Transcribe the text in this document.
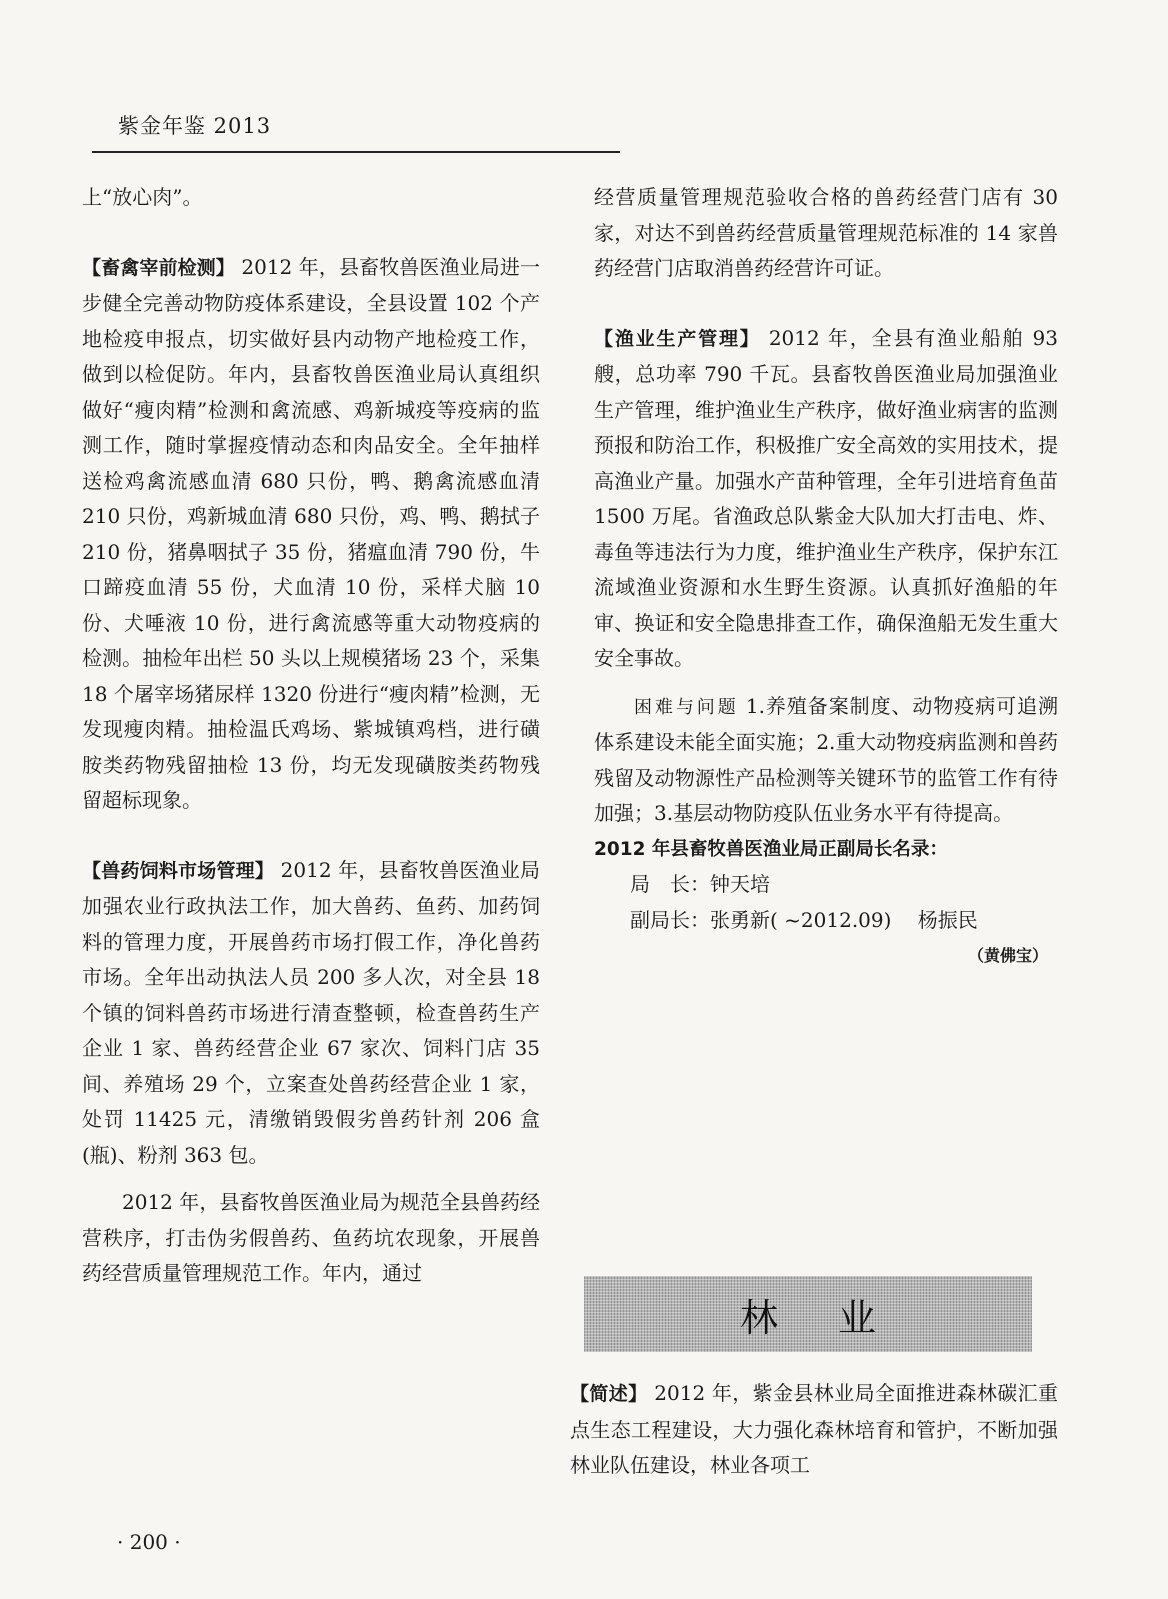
紫金年鉴 2013

上“放心肉”。

【畜禽宰前检测】 2012 年，县畜牧兽医渔业局进一步健全完善动物防疫体系建设，全县设置 102 个产地检疫申报点，切实做好县内动物产地检疫工作，做到以检促防。年内，县畜牧兽医渔业局认真组织做好“瘦肉精”检测和禽流感、鸡新城疫等疫病的监测工作，随时掌握疫情动态和肉品安全。全年抽样送检鸡禽流感血清 680 只份，鸭、鹅禽流感血清 210 只份，鸡新城血清 680 只份，鸡、鸭、鹅拭子 210 份，猪鼻咽拭子 35 份，猪瘟血清 790 份，牛口蹄疫血清 55 份，犬血清 10 份，采样犬脑 10 份、犬唾液 10 份，进行禽流感等重大动物疫病的检测。抽检年出栏 50 头以上规模猪场 23 个，采集 18 个屠宰场猪尿样 1320 份进行“瘦肉精”检测，无发现瘦肉精。抽检温氏鸡场、紫城镇鸡档，进行磺胺类药物残留抽检 13 份，均无发现磺胺类药物残留超标现象。

【兽药饲料市场管理】 2012 年，县畜牧兽医渔业局加强农业行政执法工作，加大兽药、鱼药、加药饲料的管理力度，开展兽药市场打假工作，净化兽药市场。全年出动执法人员 200 多人次，对全县 18 个镇的饲料兽药市场进行清查整顿，检查兽药生产企业 1 家、兽药经营企业 67 家次、饲料门店 35 间、养殖场 29 个，立案查处兽药经营企业 1 家，处罚 11425 元，清缴销毁假劣兽药针剂 206 盒(瓶)、粉剂 363 包。

2012 年，县畜牧兽医渔业局为规范全县兽药经营秩序，打击伪劣假兽药、鱼药坑农现象，开展兽药经营质量管理规范工作。年内，通过

经营质量管理规范验收合格的兽药经营门店有 30 家，对达不到兽药经营质量管理规范标准的 14 家兽药经营门店取消兽药经营许可证。

【渔业生产管理】 2012 年，全县有渔业船舶 93 艘，总功率 790 千瓦。县畜牧兽医渔业局加强渔业生产管理，维护渔业生产秩序，做好渔业病害的监测预报和防治工作，积极推广安全高效的实用技术，提高渔业产量。加强水产苗种管理，全年引进培育鱼苗 1500 万尾。省渔政总队紫金大队加大打击电、炸、毒鱼等违法行为力度，维护渔业生产秩序，保护东江流域渔业资源和水生野生资源。认真抓好渔船的年审、换证和安全隐患排查工作，确保渔船无发生重大安全事故。

困难与问题 1.养殖备案制度、动物疫病可追溯体系建设未能全面实施；2.重大动物疫病监测和兽药残留及动物源性产品检测等关键环节的监管工作有待加强；3.基层动物防疫队伍业务水平有待提高。

2012 年县畜牧兽医渔业局正副局长名录：

局　长：钟天培

副局长：张勇新( ~2012.09)　 杨振民

（黄佛宝）

林业

【简述】 2012 年，紫金县林业局全面推进森林碳汇重点生态工程建设，大力强化森林培育和管护，不断加强林业队伍建设，林业各项工

· 200 ·
